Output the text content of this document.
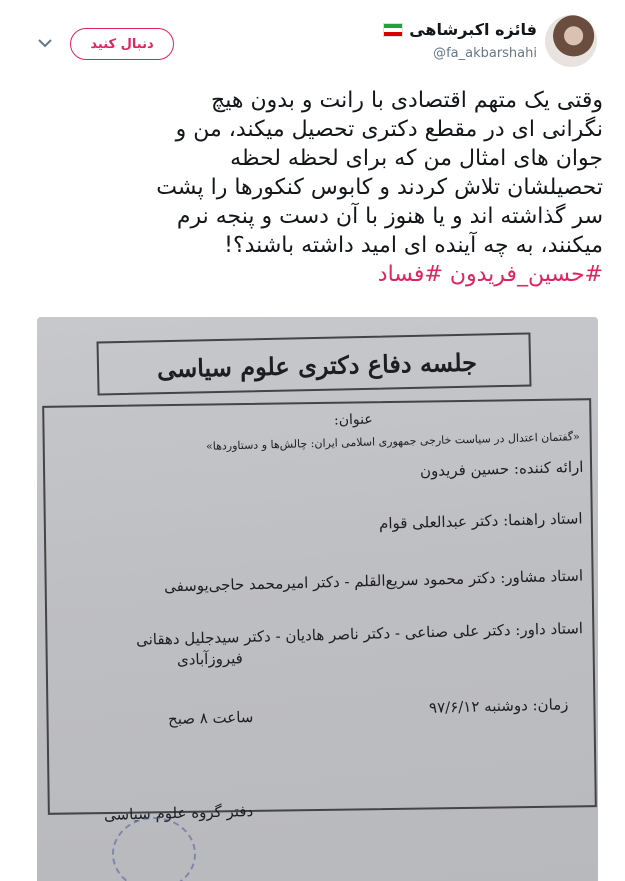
فائزه اکبرشاهی
@fa_akbarshahi
دنبال کنید
وقتی یک متهم اقتصادی با رانت و بدون هیچ
نگرانی ای در مقطع دکتری تحصیل میکند، من و
جوان های امثال من که برای لحظه لحظه
تحصیلشان تلاش کردند و کابوس کنکورها را پشت
سر گذاشته اند و یا هنوز با آن دست و پنجه نرم
میکنند، به چه آینده ای امید داشته باشند؟!
#حسین_فریدون #فساد
جلسه دفاع دکتری علوم سیاسی
عنوان:
«گفتمان اعتدال در سیاست خارجی جمهوری اسلامی ایران: چالش‌ها و دستاوردها»
ارائه کننده: حسین فریدون
استاد راهنما: دکتر عبدالعلی قوام
استاد مشاور: دکتر محمود سریع‌القلم - دکتر امیرمحمد حاجی‌یوسفی
استاد داور: دکتر علی صناعی - دکتر ناصر هادیان - دکتر سیدجلیل دهقانی
فیروزآبادی
زمان: دوشنبه ۹۷/۶/۱۲
ساعت ۸ صبح
دفتر گروه علوم سیاسی
